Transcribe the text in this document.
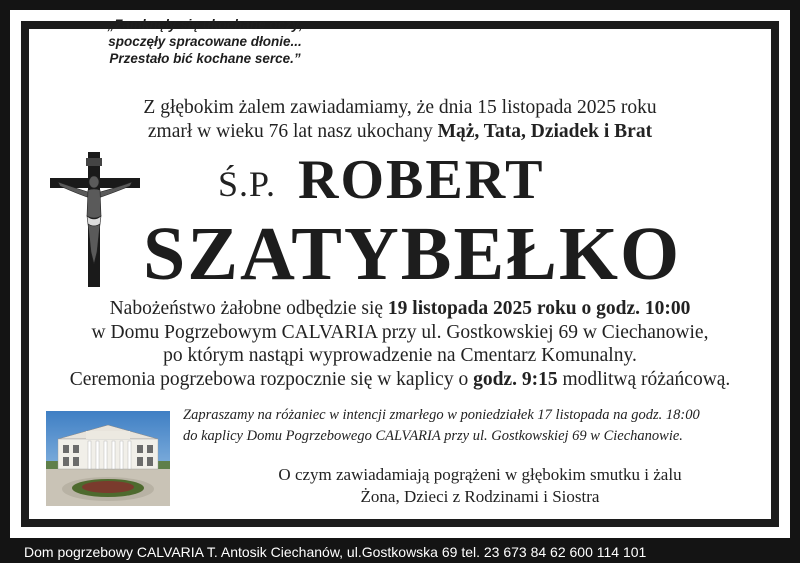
„Zamknęły się ukochane oczy,
spoczęły spracowane dłonie...
Przestało bić kochane serce.”
Z głębokim żalem zawiadamiamy, że dnia 15 listopada 2025 roku
zmarł w wieku 76 lat nasz ukochany Mąż, Tata, Dziadek i Brat
Ś.P. ROBERT
SZATYBEŁKO
Nabożeństwo żałobne odbędzie się 19 listopada 2025 roku o godz. 10:00
w Domu Pogrzebowym CALVARIA przy ul. Gostkowskiej 69 w Ciechanowie,
po którym nastąpi wyprowadzenie na Cmentarz Komunalny.
Ceremonia pogrzebowa rozpocznie się w kaplicy o godz. 9:15 modlitwą różańcową.
Zapraszamy na różaniec w intencji zmarłego w poniedziałek 17 listopada na godz. 18:00
do kaplicy Domu Pogrzebowego CALVARIA przy ul. Gostkowskiej 69 w Ciechanowie.
O czym zawiadamiają pogrążeni w głębokim smutku i żalu
Żona, Dzieci z Rodzinami i Siostra
Dom pogrzebowy CALVARIA T. Antosik Ciechanów, ul.Gostkowska 69 tel. 23 673 84 62 600 114 101
